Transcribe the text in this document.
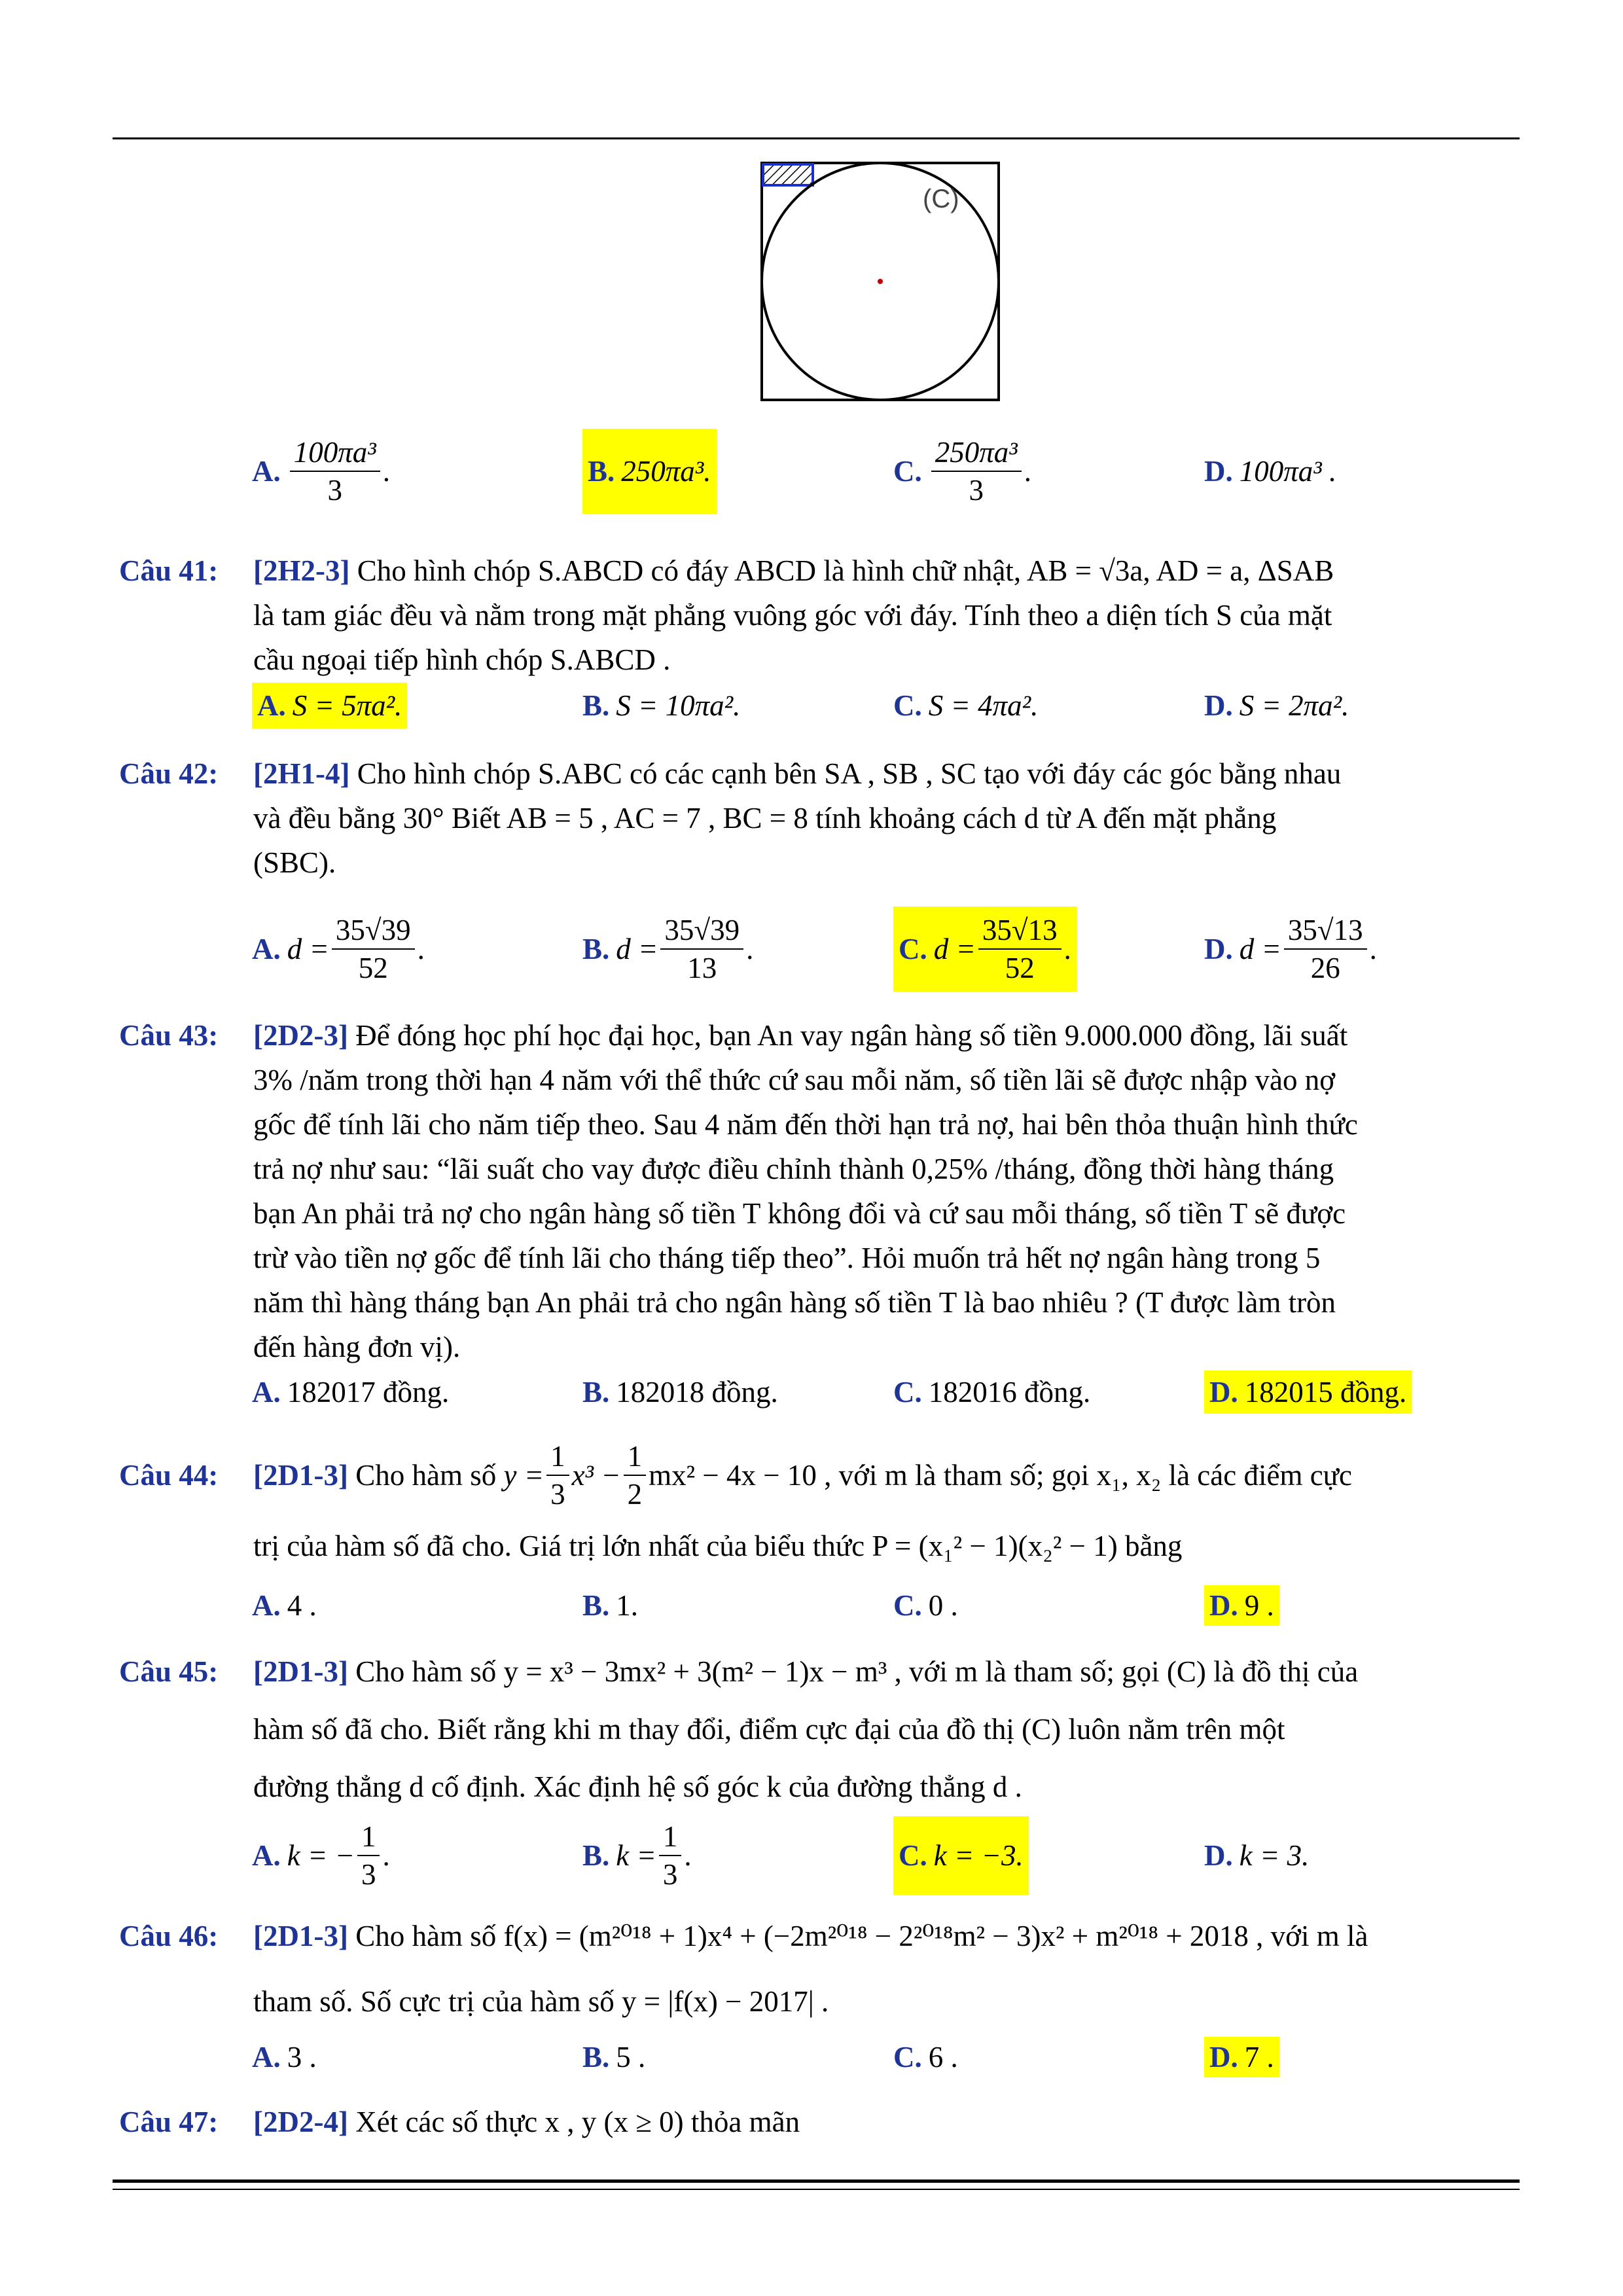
(C)
A. $\frac{\text{100πa³}}{3}$ .	B. 250πa³.	C. $\frac{\text{250πa³}}{3}$ .	D. 100πa³ .
Câu 41: [2H2-3] Cho hình chóp S.ABCD có đáy ABCD là hình chữ nhật, AB = √3a, AD = a, ΔSAB
là tam giác đều và nằm trong mặt phẳng vuông góc với đáy. Tính theo a diện tích S của mặt
cầu ngoại tiếp hình chóp S.ABCD .
A. S = 5πa².	B. S = 10πa².	C. S = 4πa².	D. S = 2πa².
Câu 42: [2H1-4] Cho hình chóp S.ABC có các cạnh bên SA , SB , SC tạo với đáy các góc bằng nhau
và đều bằng 30° Biết AB = 5 , AC = 7 , BC = 8 tính khoảng cách d từ A đến mặt phẳng
(SBC).
A. $d = \frac{35√39}{52}$ .	B. $d = \frac{35√39}{13}$ .	C. $d = \frac{35√13}{52}$ .	D. $d = \frac{35√13}{26}$ .
Câu 43: [2D2-3] Để đóng học phí học đại học, bạn An vay ngân hàng số tiền 9.000.000 đồng, lãi suất
3% /năm trong thời hạn 4 năm với thể thức cứ sau mỗi năm, số tiền lãi sẽ được nhập vào nợ
gốc để tính lãi cho năm tiếp theo. Sau 4 năm đến thời hạn trả nợ, hai bên thỏa thuận hình thức
trả nợ như sau: “lãi suất cho vay được điều chỉnh thành 0,25% /tháng, đồng thời hàng tháng
bạn An phải trả nợ cho ngân hàng số tiền T không đổi và cứ sau mỗi tháng, số tiền T sẽ được
trừ vào tiền nợ gốc để tính lãi cho tháng tiếp theo”. Hỏi muốn trả hết nợ ngân hàng trong 5
năm thì hàng tháng bạn An phải trả cho ngân hàng số tiền T là bao nhiêu ? (T được làm tròn
đến hàng đơn vị).
A. 182017 đồng.	B. 182018 đồng.	C. 182016 đồng.	D. 182015 đồng.
Câu 44: [2D1-3] Cho hàm số $y = \frac{1}{3} x^3 - \frac{1}{2} mx^2 - 4x - 10$ , với m là tham số; gọi x₁, x₂ là các điểm cực
trị của hàm số đã cho. Giá trị lớn nhất của biểu thức P = (x₁² − 1)(x₂² − 1) bằng
A. 4 .	B. 1.	C. 0 .	D. 9 .
Câu 45: [2D1-3] Cho hàm số y = x³ − 3mx² + 3(m² − 1)x − m³ , với m là tham số; gọi (C) là đồ thị của
hàm số đã cho. Biết rằng khi m thay đổi, điểm cực đại của đồ thị (C) luôn nằm trên một
đường thẳng d cố định. Xác định hệ số góc k của đường thẳng d .
A. k = − $\frac{1}{3}$ .	B. $k = \frac{1}{3}$ .	C. k = −3.	D. k = 3.
Câu 46: [2D1-3] Cho hàm số f(x) = (m²⁰¹⁸ + 1)x⁴ + (−2m²⁰¹⁸ − 2²⁰¹⁸m² − 3)x² + m²⁰¹⁸ + 2018 , với m là
tham số. Số cực trị của hàm số y = |f(x) − 2017| .
A. 3 .	B. 5 .	C. 6 .	D. 7 .
Câu 47: [2D2-4] Xét các số thực x , y (x ≥ 0) thỏa mãn
